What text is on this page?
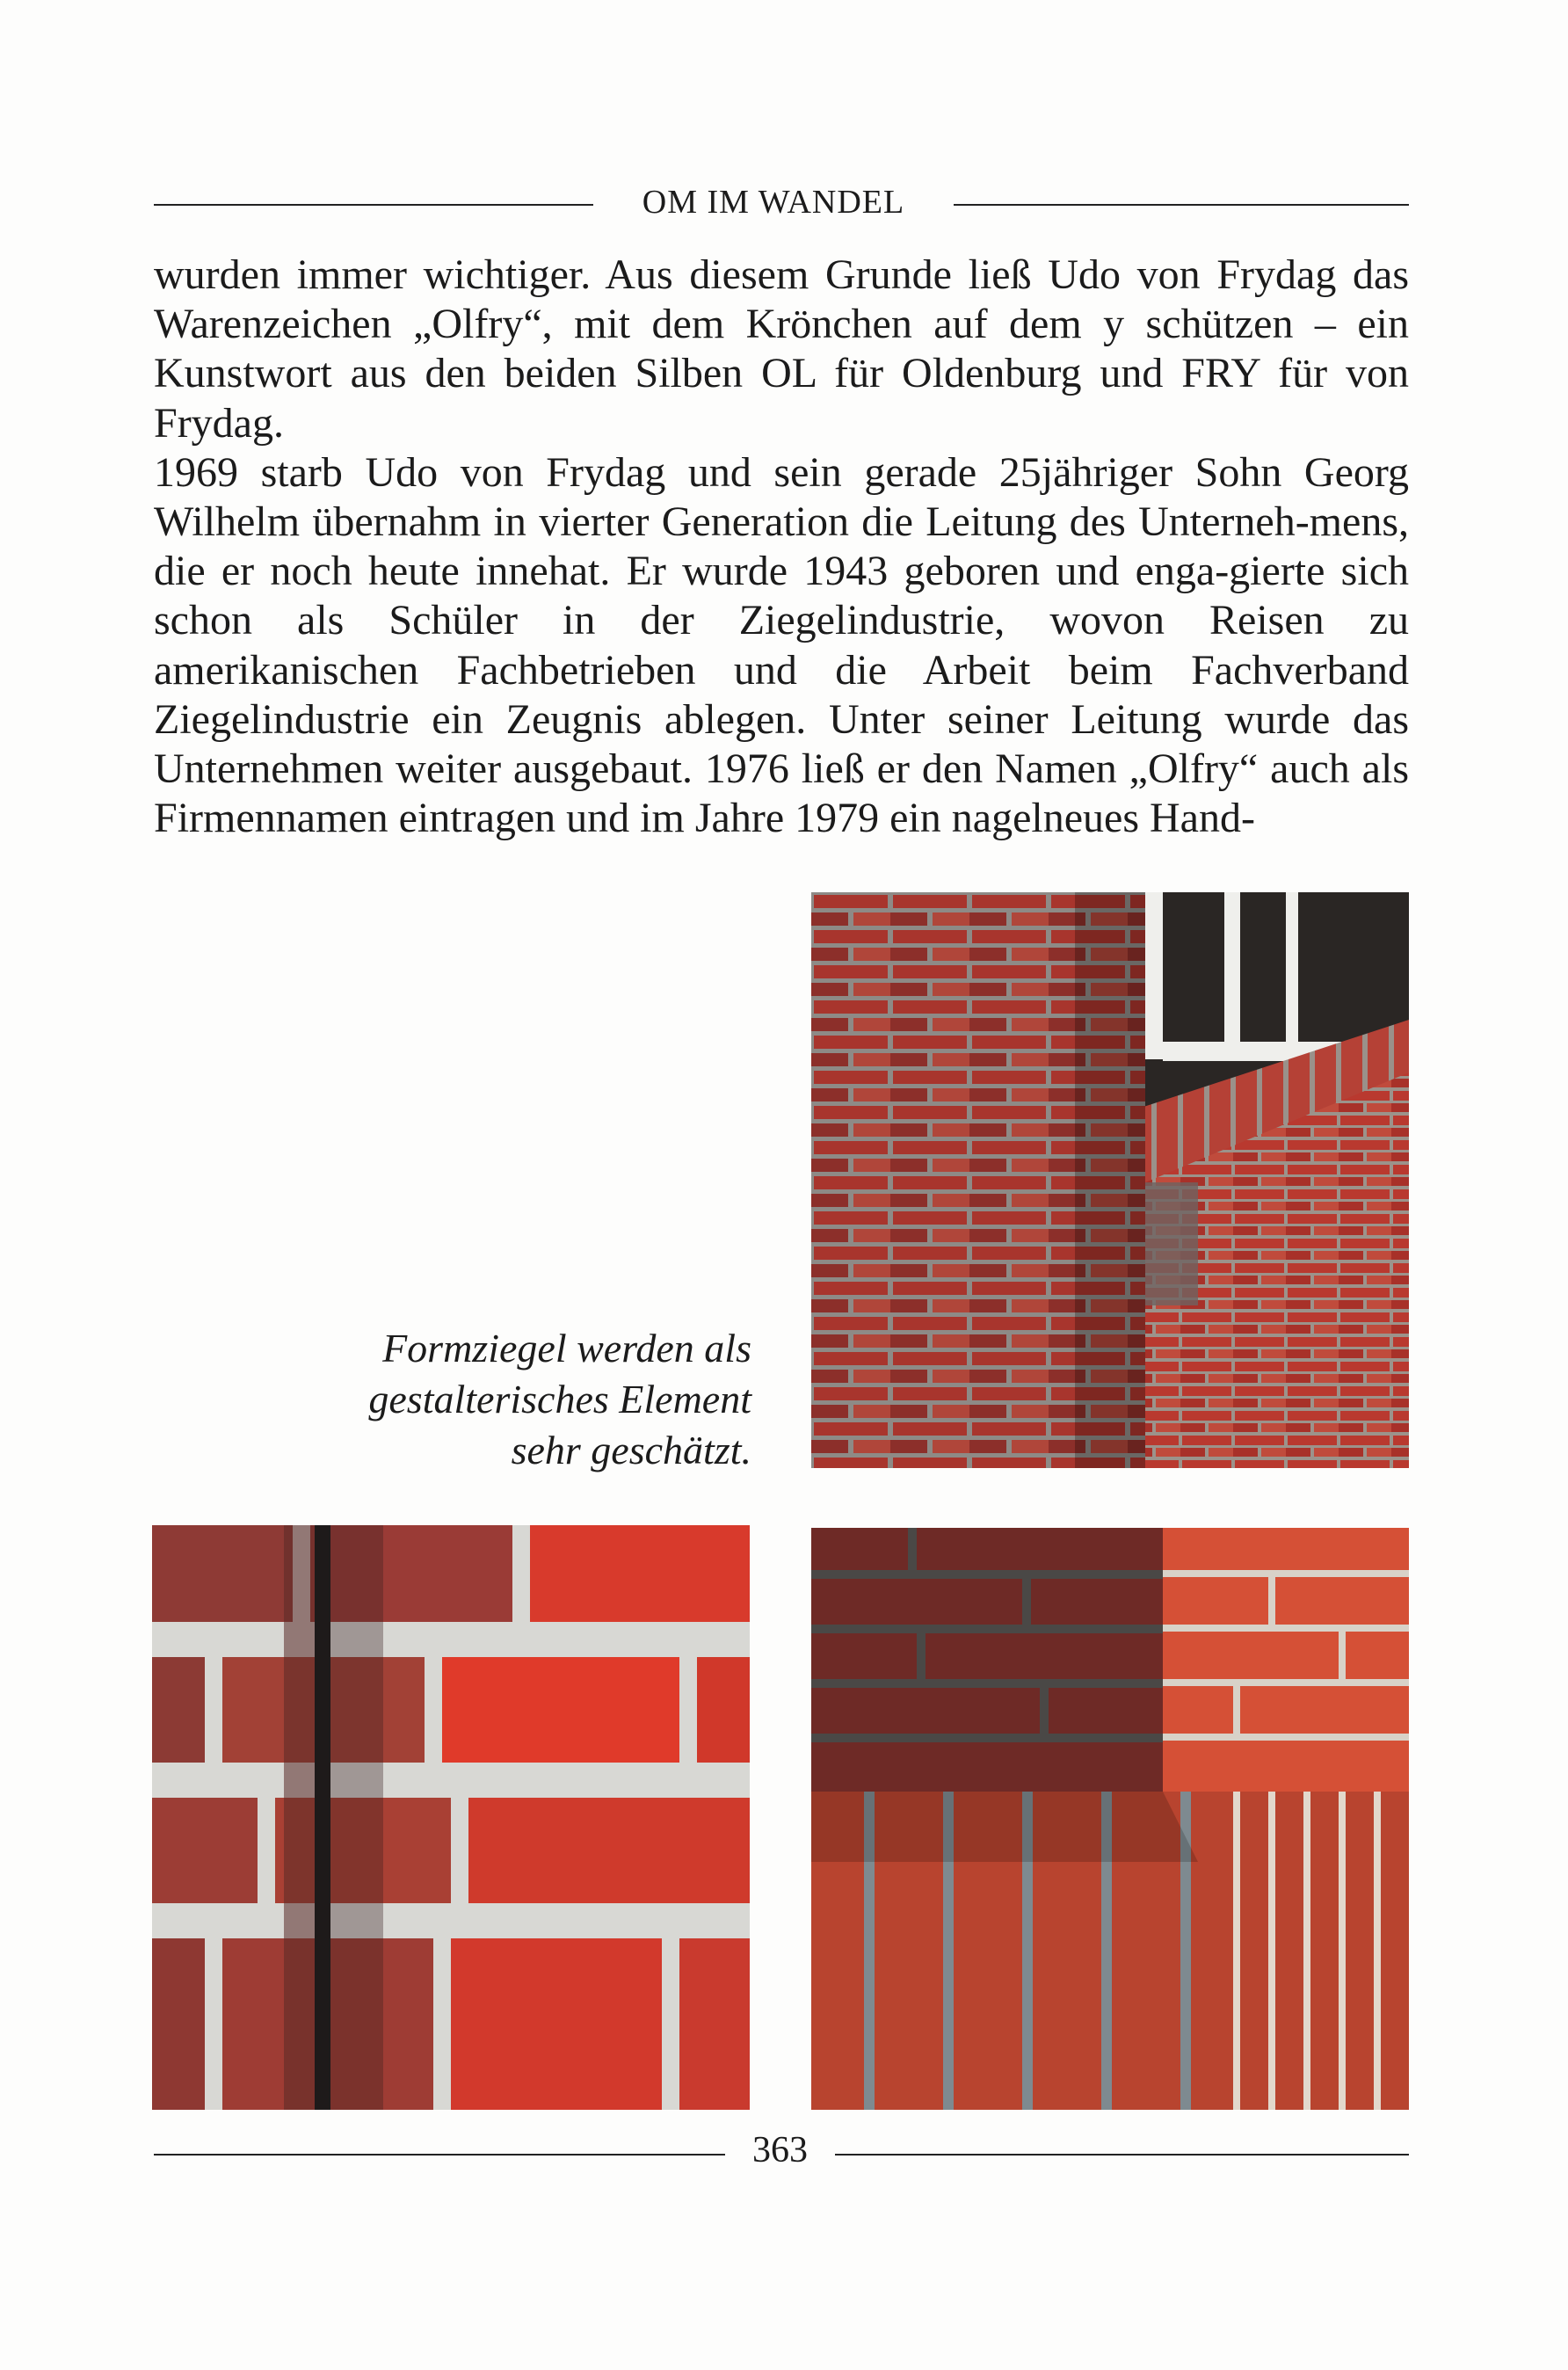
OM IM WANDEL

wurden immer wichtiger. Aus diesem Grunde ließ Udo von Frydag das Warenzeichen „Olfry“, mit dem Krönchen auf dem y schützen – ein Kunstwort aus den beiden Silben OL für Oldenburg und FRY für von Frydag.

1969 starb Udo von Frydag und sein gerade 25jähriger Sohn Georg Wilhelm übernahm in vierter Generation die Leitung des Unterneh-mens, die er noch heute innehat. Er wurde 1943 geboren und enga-gierte sich schon als Schüler in der Ziegelindustrie, wovon Reisen zu amerikanischen Fachbetrieben und die Arbeit beim Fachverband Ziegelindustrie ein Zeugnis ablegen. Unter seiner Leitung wurde das Unternehmen weiter ausgebaut. 1976 ließ er den Namen „Olfry“ auch als Firmennamen eintragen und im Jahre 1979 ein nagelneues Hand-

Formziegel werden als
gestalterisches Element
sehr geschätzt.
363
